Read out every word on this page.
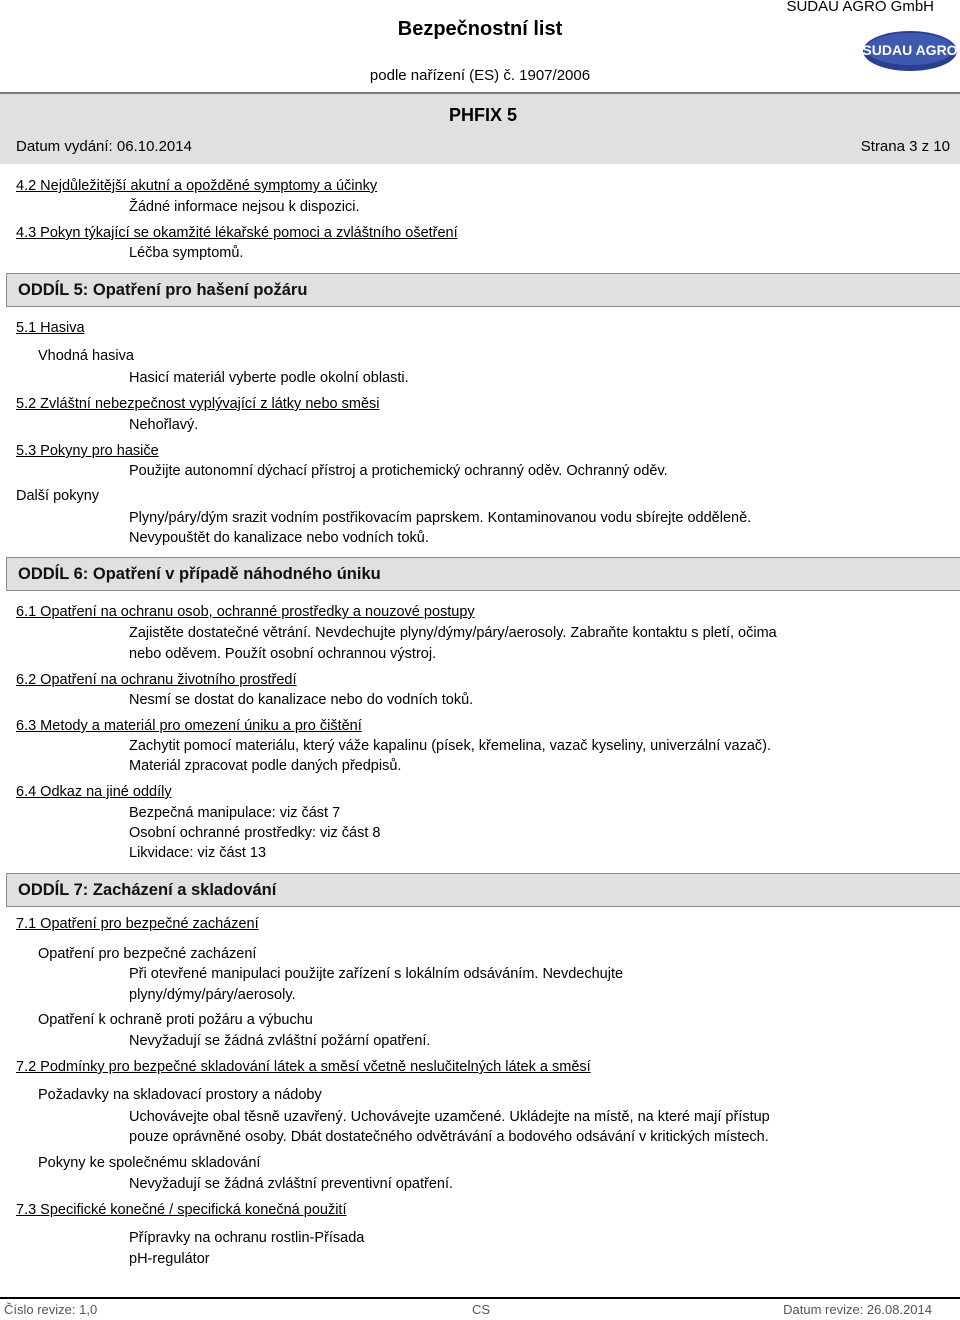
SUDAU AGRO GmbH
Bezpečnostní list
podle nařízení (ES) č. 1907/2006
SUDAU AGRO
PHFIX 5
Datum vydání: 06.10.2014	Strana 3 z 10
4.2 Nejdůležitější akutní a opožděné symptomy a účinky
Žádné informace nejsou k dispozici.
4.3 Pokyn týkající se okamžité lékařské pomoci a zvláštního ošetření
Léčba symptomů.
ODDÍL 5: Opatření pro hašení požáru
5.1 Hasiva
Vhodná hasiva
Hasicí materiál vyberte podle okolní oblasti.
5.2 Zvláštní nebezpečnost vyplývající z látky nebo směsi
Nehořlavý.
5.3 Pokyny pro hasiče
Použijte autonomní dýchací přístroj a protichemický ochranný oděv. Ochranný oděv.
Další pokyny
Plyny/páry/dým srazit vodním postřikovacím paprskem. Kontaminovanou vodu sbírejte odděleně.
Nevypouštět do kanalizace nebo vodních toků.
ODDÍL 6: Opatření v případě náhodného úniku
6.1 Opatření na ochranu osob, ochranné prostředky a nouzové postupy
Zajistěte dostatečné větrání. Nevdechujte plyny/dýmy/páry/aerosoly. Zabraňte kontaktu s pletí, očima
nebo oděvem. Použít osobní ochrannou výstroj.
6.2 Opatření na ochranu životního prostředí
Nesmí se dostat do kanalizace nebo do vodních toků.
6.3 Metody a materiál pro omezení úniku a pro čištění
Zachytit pomocí materiálu, který váže kapalinu (písek, křemelina, vazač kyseliny, univerzální vazač).
Materiál zpracovat podle daných předpisů.
6.4 Odkaz na jiné oddíly
Bezpečná manipulace: viz část 7
Osobní ochranné prostředky: viz část 8
Likvidace: viz část 13
ODDÍL 7: Zacházení a skladování
7.1 Opatření pro bezpečné zacházení
Opatření pro bezpečné zacházení
Při otevřené manipulaci použijte zařízení s lokálním odsáváním. Nevdechujte
plyny/dýmy/páry/aerosoly.
Opatření k ochraně proti požáru a výbuchu
Nevyžadují se žádná zvláštní požární opatření.
7.2 Podmínky pro bezpečné skladování látek a směsí včetně neslučitelných látek a směsí
Požadavky na skladovací prostory a nádoby
Uchovávejte obal těsně uzavřený. Uchovávejte uzamčené. Ukládejte na místě, na které mají přístup
pouze oprávněné osoby. Dbát dostatečného odvětrávání a bodového odsávání v kritických místech.
Pokyny ke společnému skladování
Nevyžadují se žádná zvláštní preventivní opatření.
7.3 Specifické konečné / specifická konečná použití
Přípravky na ochranu rostlin-Přísada
pH-regulátor
Číslo revize: 1,0	CS	Datum revize: 26.08.2014
